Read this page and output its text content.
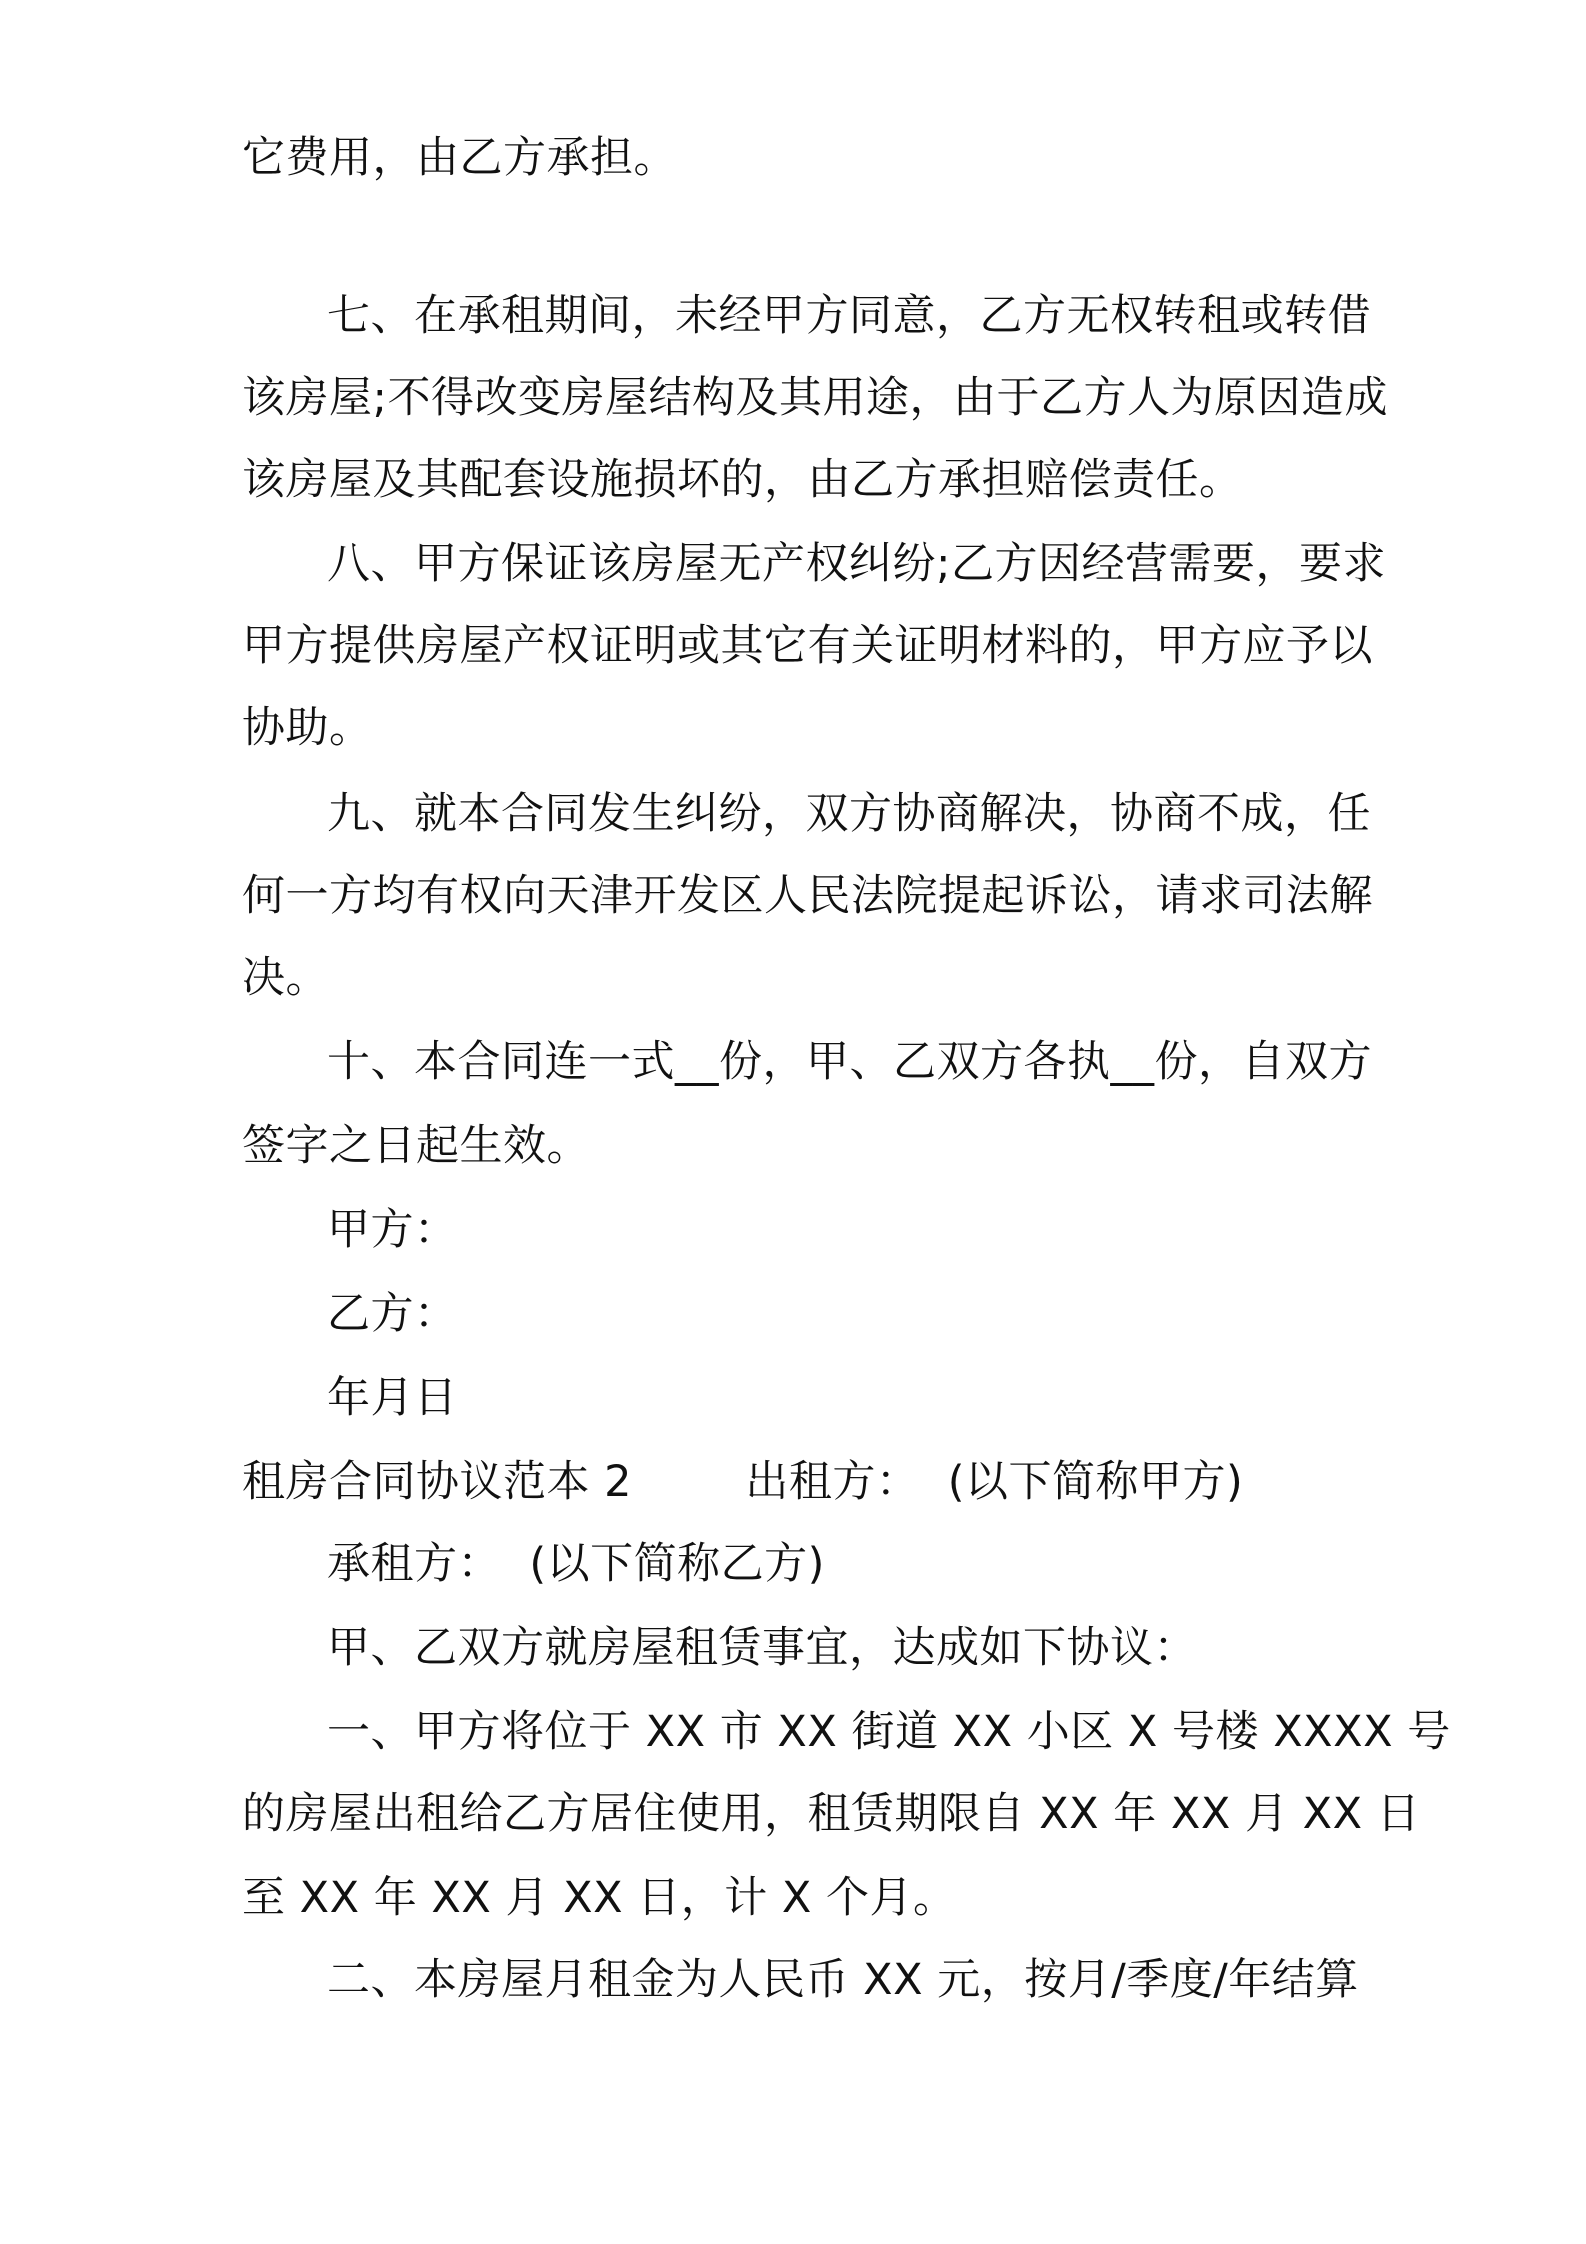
它费用，由乙方承担。
七、在承租期间，未经甲方同意，乙方无权转租或转借
该房屋;不得改变房屋结构及其用途，由于乙方人为原因造成
该房屋及其配套设施损坏的，由乙方承担赔偿责任。
八、甲方保证该房屋无产权纠纷;乙方因经营需要，要求
甲方提供房屋产权证明或其它有关证明材料的，甲方应予以
协助。
九、就本合同发生纠纷，双方协商解决，协商不成，任
何一方均有权向天津开发区人民法院提起诉讼，请求司法解
决。
十、本合同连一式__份，甲、乙双方各执__份，自双方
签字之日起生效。
甲方：
乙方：
年月日
租房合同协议范本 2        出租方：  (以下简称甲方)
承租方：  (以下简称乙方)
甲、乙双方就房屋租赁事宜，达成如下协议：
一、甲方将位于 XX 市 XX 街道 XX 小区 X 号楼 XXXX 号
的房屋出租给乙方居住使用，租赁期限自 XX 年 XX 月 XX 日
至 XX 年 XX 月 XX 日，计 X 个月。
二、本房屋月租金为人民币 XX 元，按月/季度/年结算
